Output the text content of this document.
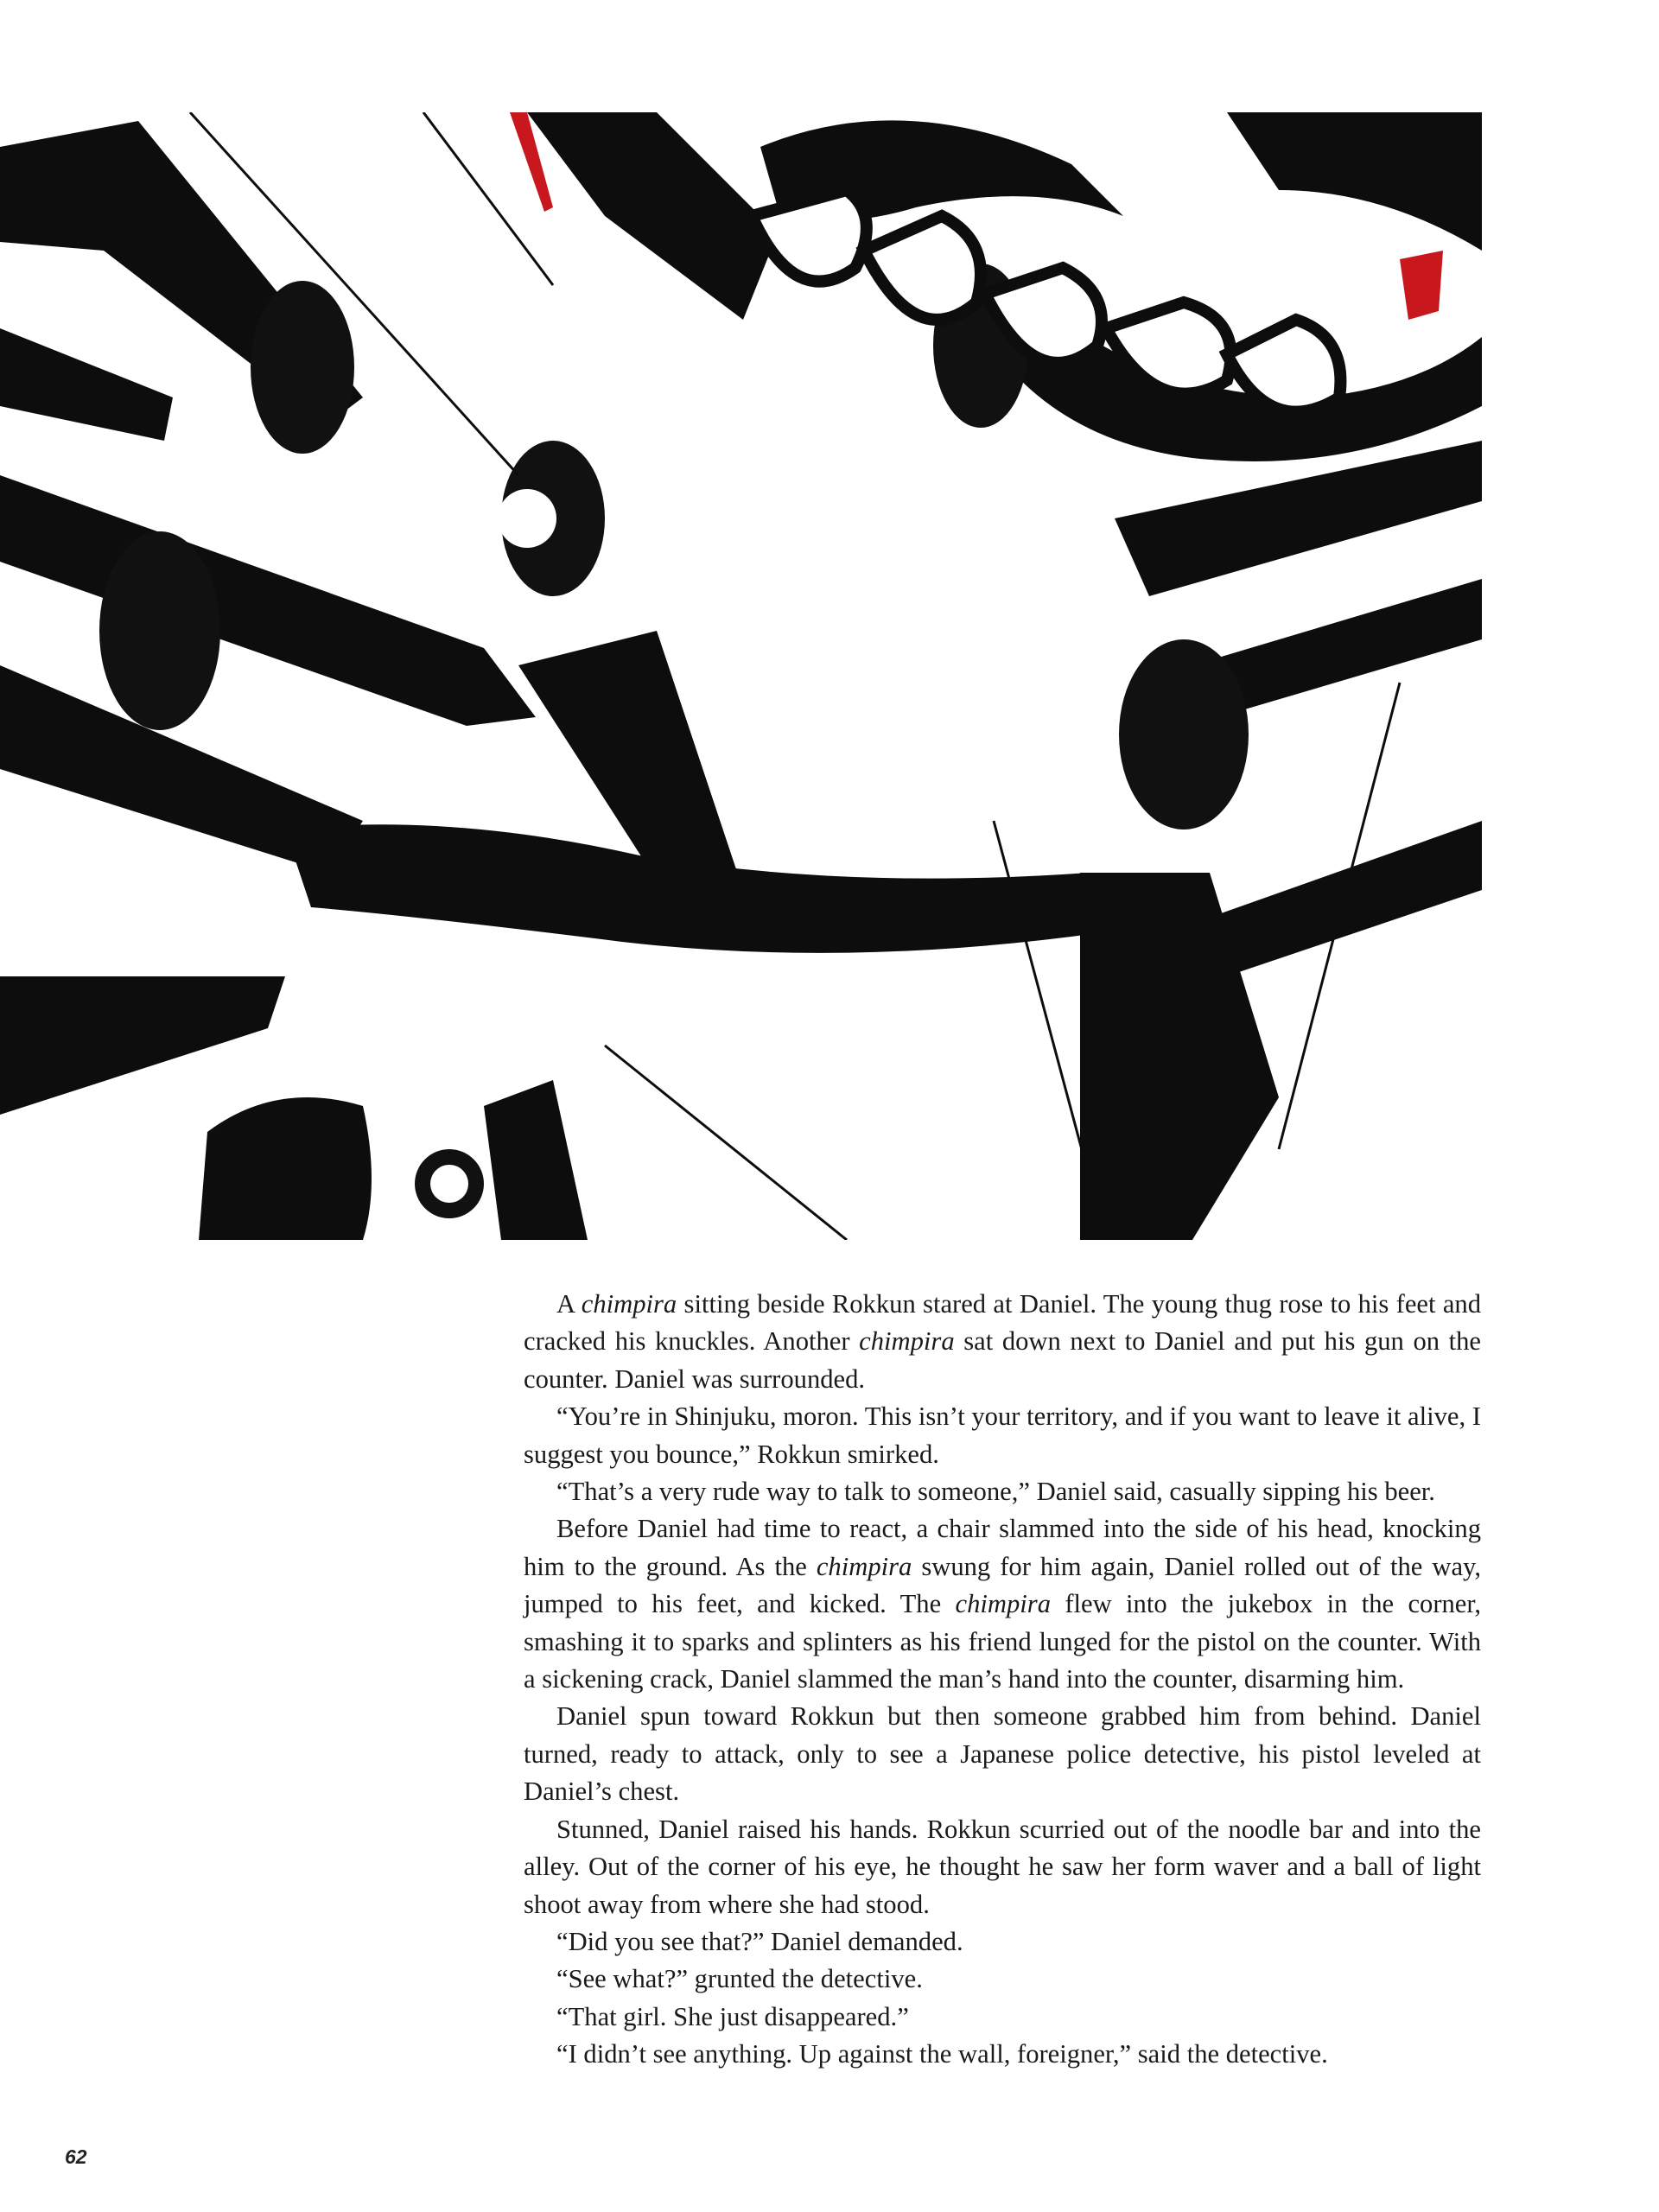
A chimpira sitting beside Rokkun stared at Daniel. The young thug rose to his feet and cracked his knuckles. Another chimpira sat down next to Daniel and put his gun on the counter. Daniel was surrounded.

“You’re in Shinjuku, moron. This isn’t your territory, and if you want to leave it alive, I suggest you bounce,” Rokkun smirked.

“That’s a very rude way to talk to someone,” Daniel said, casually sipping his beer.

Before Daniel had time to react, a chair slammed into the side of his head, knocking him to the ground. As the chimpira swung for him again, Daniel rolled out of the way, jumped to his feet, and kicked. The chimpira flew into the jukebox in the corner, smashing it to sparks and splinters as his friend lunged for the pistol on the counter. With a sickening crack, Daniel slammed the man’s hand into the counter, disarming him.

Daniel spun toward Rokkun but then someone grabbed him from behind. Daniel turned, ready to attack, only to see a Japanese police detective, his pistol leveled at Daniel’s chest.

Stunned, Daniel raised his hands. Rokkun scurried out of the noodle bar and into the alley. Out of the corner of his eye, he thought he saw her form waver and a ball of light shoot away from where she had stood.

“Did you see that?” Daniel demanded.

“See what?” grunted the detective.

“That girl. She just disappeared.”

“I didn’t see anything. Up against the wall, foreigner,” said the detective.

62
